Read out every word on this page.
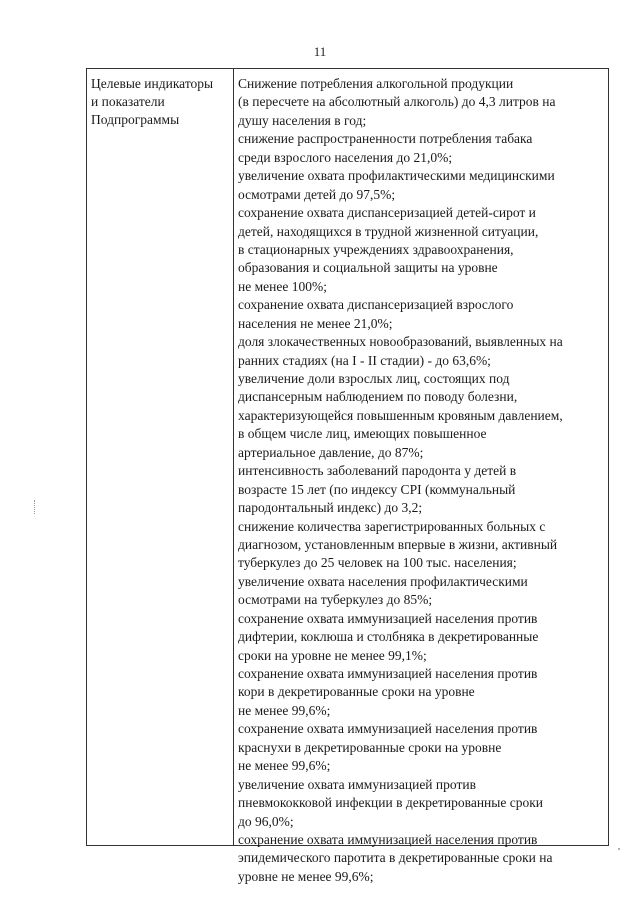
11
Целевые индикаторы
и показатели
Подпрограммы
Снижение потребления алкогольной продукции
(в пересчете на абсолютный алкоголь) до 4,3 литров на
душу населения в год;
снижение распространенности потребления табака
среди взрослого населения до 21,0%;
увеличение охвата профилактическими медицинскими
осмотрами детей до 97,5%;
сохранение охвата диспансеризацией детей-сирот и
детей, находящихся в трудной жизненной ситуации,
в стационарных учреждениях здравоохранения,
образования и социальной защиты на уровне
не менее 100%;
сохранение охвата диспансеризацией взрослого
населения не менее 21,0%;
доля злокачественных новообразований, выявленных на
ранних стадиях (на I - II стадии) - до 63,6%;
увеличение доли взрослых лиц, состоящих под
диспансерным наблюдением по поводу болезни,
характеризующейся повышенным кровяным давлением,
в общем числе лиц, имеющих повышенное
артериальное давление, до 87%;
интенсивность заболеваний пародонта у детей в
возрасте 15 лет (по индексу CPI (коммунальный
пародонтальный индекс) до 3,2;
снижение количества зарегистрированных больных с
диагнозом, установленным впервые в жизни, активный
туберкулез до 25 человек на 100 тыс. населения;
увеличение охвата населения профилактическими
осмотрами на туберкулез до 85%;
сохранение охвата иммунизацией населения против
дифтерии, коклюша и столбняка в декретированные
сроки на уровне не менее 99,1%;
сохранение охвата иммунизацией населения против
кори в декретированные сроки на уровне
не менее 99,6%;
сохранение охвата иммунизацией населения против
краснухи в декретированные сроки на уровне
не менее 99,6%;
увеличение охвата иммунизацией против
пневмококковой инфекции в декретированные сроки
до 96,0%;
сохранение охвата иммунизацией населения против
эпидемического паротита в декретированные сроки на
уровне не менее 99,6%;
